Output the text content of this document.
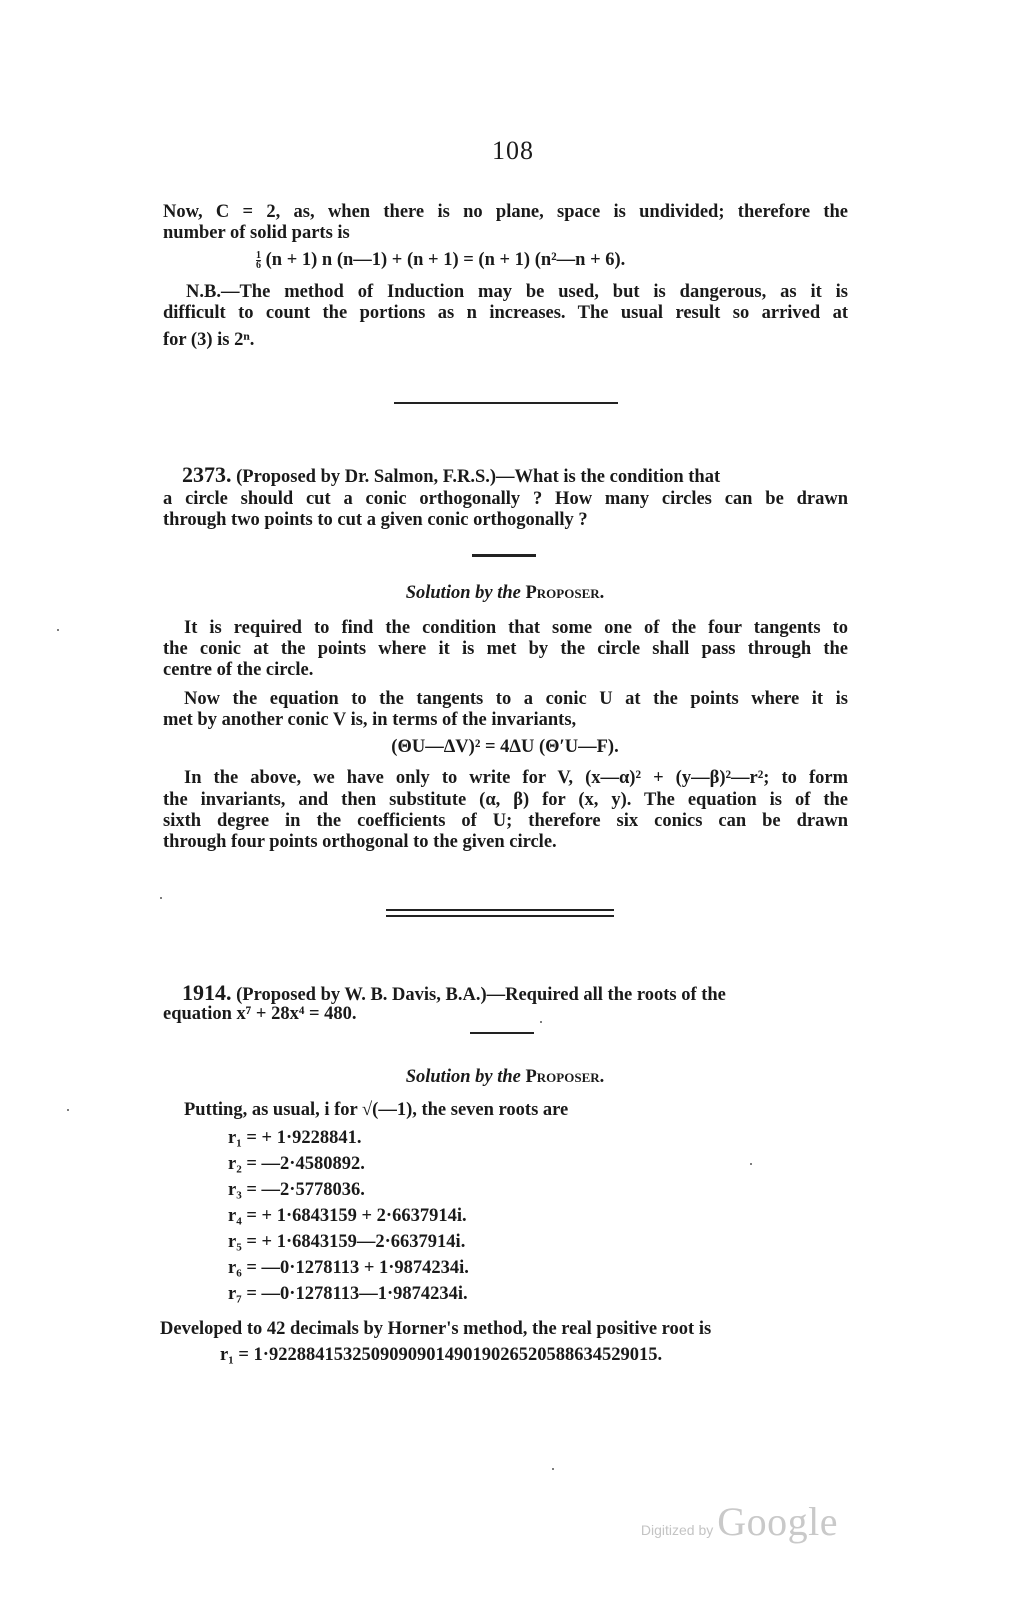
108
Now, C = 2, as, when there is no plane, space is undivided; therefore the
number of solid parts is
$\frac{1}{6} (n + 1)$ n (n—1) + (n + 1) = (n + 1) (n²—n + 6).
N.B.—The method of Induction may be used, but is dangerous, as it is
difficult to count the portions as n increases. The usual result so arrived at
for (3) is 2ⁿ.
2373. (Proposed by Dr. Salmon, F.R.S.)—What is the condition that
a circle should cut a conic orthogonally ? How many circles can be drawn
through two points to cut a given conic orthogonally ?
Solution by the Proposer.
It is required to find the condition that some one of the four tangents to
the conic at the points where it is met by the circle shall pass through the
centre of the circle.
Now the equation to the tangents to a conic U at the points where it is
met by another conic V is, in terms of the invariants,
(ΘU—ΔV)² = 4ΔU (Θ′U—F).
In the above, we have only to write for V, (x—α)² + (y—β)²—r²; to form
the invariants, and then substitute (α, β) for (x, y). The equation is of the
sixth degree in the coefficients of U; therefore six conics can be drawn
through four points orthogonal to the given circle.
1914. (Proposed by W. B. Davis, B.A.)—Required all the roots of the
equation x⁷ + 28x⁴ = 480.
Solution by the Proposer.
Putting, as usual, i for √(—1), the seven roots are
r₁ = + 1·9228841.
r₂ = —2·4580892.
r₃ = —2·5778036.
r₄ = + 1·6843159 + 2·6637914i.
r₅ = + 1·6843159—2·6637914i.
r₆ = —0·1278113 + 1·9874234i.
r₇ = —0·1278113—1·9874234i.
Developed to 42 decimals by Horner's method, the real positive root is
r₁ = 1·922884153250909090149019026520588634529015.
Digitized by Google
